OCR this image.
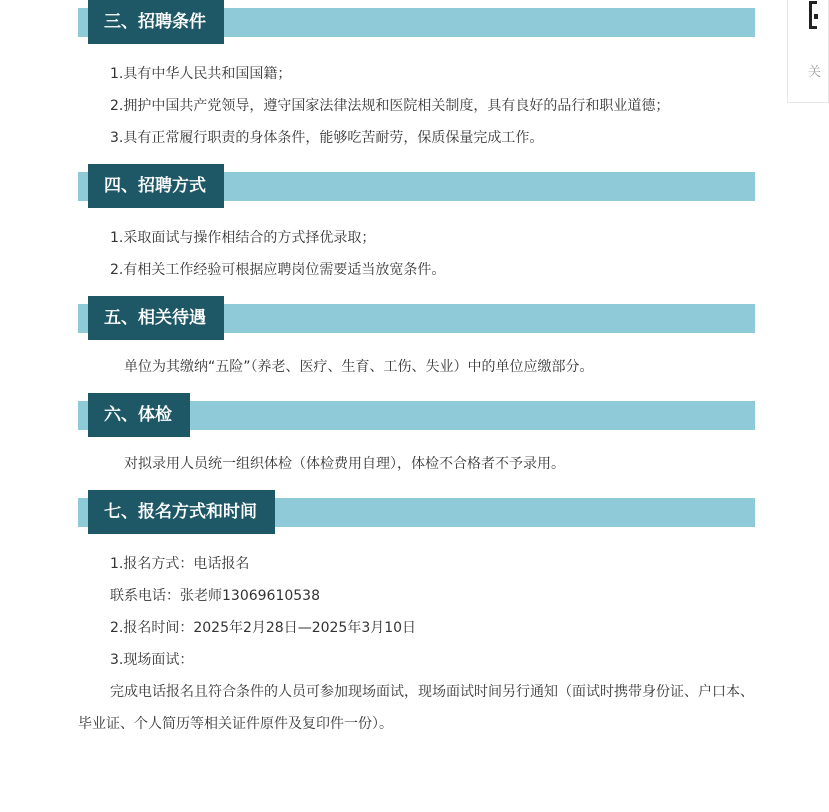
三、招聘条件

1.具有中华人民共和国国籍；

2.拥护中国共产党领导，遵守国家法律法规和医院相关制度，具有良好的品行和职业道德；

3.具有正常履行职责的身体条件，能够吃苦耐劳，保质保量完成工作。

四、招聘方式

1.采取面试与操作相结合的方式择优录取；

2.有相关工作经验可根据应聘岗位需要适当放宽条件。

五、相关待遇

单位为其缴纳“五险”（养老、医疗、生育、工伤、失业）中的单位应缴部分。

六、体检

对拟录用人员统一组织体检（体检费用自理），体检不合格者不予录用。

七、报名方式和时间

1.报名方式：电话报名

联系电话：张老师13069610538

2.报名时间：2025年2月28日—2025年3月10日

3.现场面试：

完成电话报名且符合条件的人员可参加现场面试，现场面试时间另行通知（面试时携带身份证、户口本、毕业证、个人简历等相关证件原件及复印件一份）。

关
